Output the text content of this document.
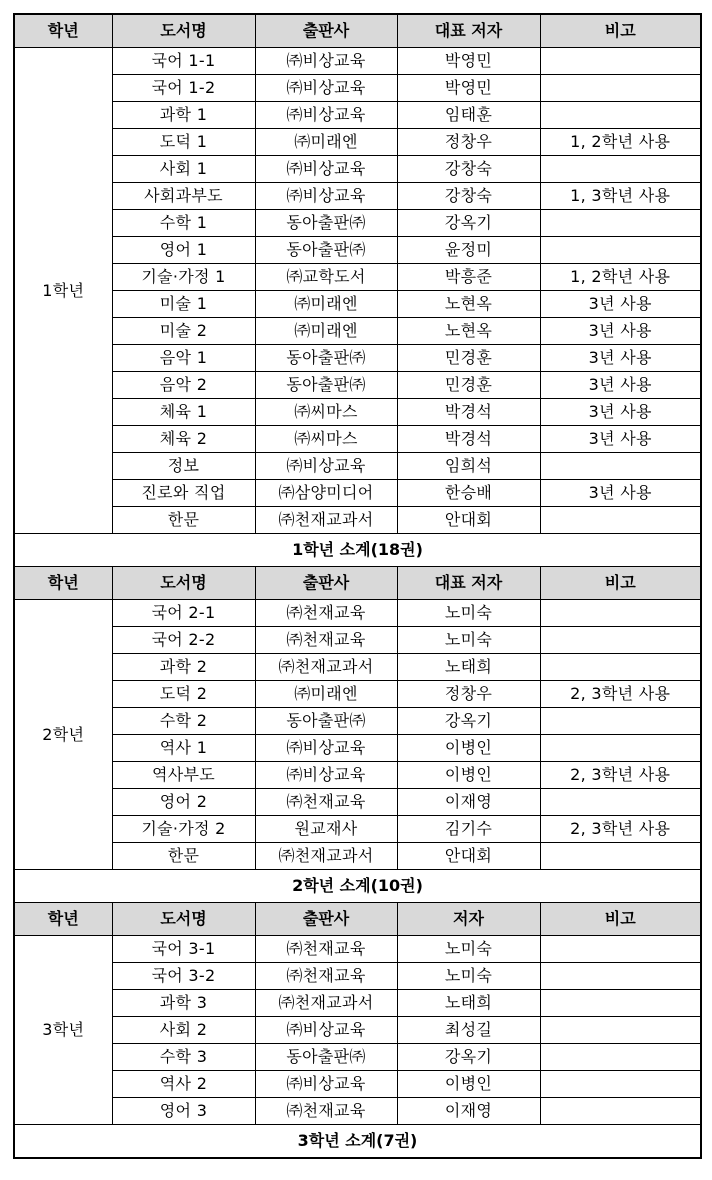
학년	도서명	출판사	대표 저자	비고
1학년	국어 1-1	㈜비상교육	박영민	
	국어 1-2	㈜비상교육	박영민	
	과학 1	㈜비상교육	임태훈	
	도덕 1	㈜미래엔	정창우	1, 2학년 사용
	사회 1	㈜비상교육	강창숙	
	사회과부도	㈜비상교육	강창숙	1, 3학년 사용
	수학 1	동아출판㈜	강옥기	
	영어 1	동아출판㈜	윤정미	
	기술·가정 1	㈜교학도서	박흥준	1, 2학년 사용
	미술 1	㈜미래엔	노현옥	3년 사용
	미술 2	㈜미래엔	노현옥	3년 사용
	음악 1	동아출판㈜	민경훈	3년 사용
	음악 2	동아출판㈜	민경훈	3년 사용
	체육 1	㈜씨마스	박경석	3년 사용
	체육 2	㈜씨마스	박경석	3년 사용
	정보	㈜비상교육	임희석	
	진로와 직업	㈜삼양미디어	한승배	3년 사용
	한문	㈜천재교과서	안대회	
1학년 소계(18권)				
학년	도서명	출판사	대표 저자	비고
2학년	국어 2-1	㈜천재교육	노미숙	
	국어 2-2	㈜천재교육	노미숙	
	과학 2	㈜천재교과서	노태희	
	도덕 2	㈜미래엔	정창우	2, 3학년 사용
	수학 2	동아출판㈜	강옥기	
	역사 1	㈜비상교육	이병인	
	역사부도	㈜비상교육	이병인	2, 3학년 사용
	영어 2	㈜천재교육	이재영	
	기술·가정 2	원교재사	김기수	2, 3학년 사용
	한문	㈜천재교과서	안대회	
2학년 소계(10권)				
학년	도서명	출판사	저자	비고
3학년	국어 3-1	㈜천재교육	노미숙	
	국어 3-2	㈜천재교육	노미숙	
	과학 3	㈜천재교과서	노태희	
	사회 2	㈜비상교육	최성길	
	수학 3	동아출판㈜	강옥기	
	역사 2	㈜비상교육	이병인	
	영어 3	㈜천재교육	이재영	
3학년 소계(7권)				
